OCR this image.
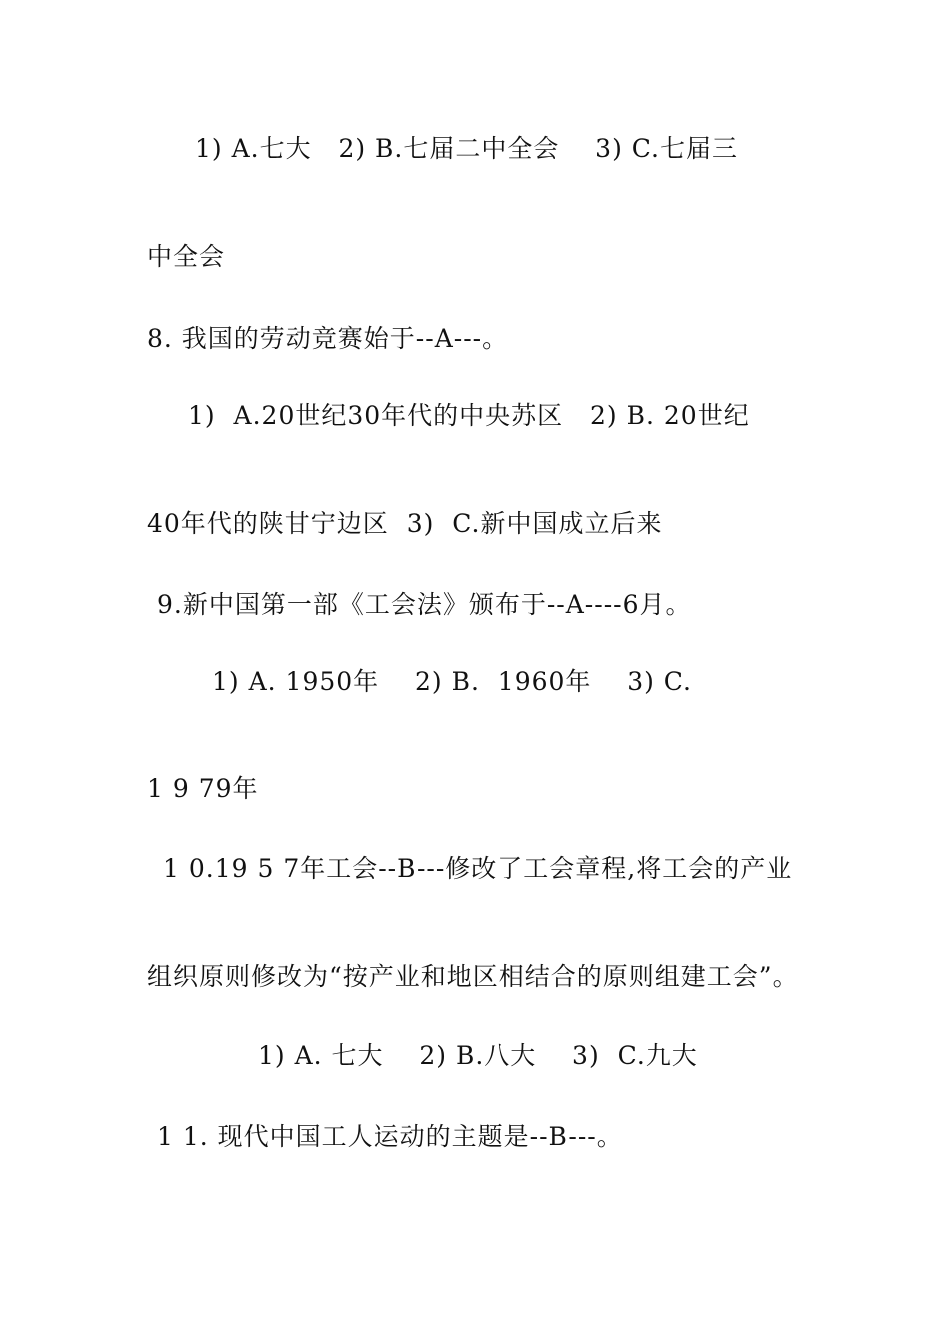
1) A.七大   2) B.七届二中全会    3) C.七届三
中全会
8. 我国的劳动竞赛始于--A---。
1)  A.20世纪30年代的中央苏区   2) B. 20世纪
40年代的陕甘宁边区  3)  C.新中国成立后来
9.新中国第一部《工会法》颁布于--A----6月。
1) A. 1950年    2) B.  1960年    3) C.
1 9 79年
1 0.19 5 7年工会--B---修改了工会章程,将工会的产业
组织原则修改为“按产业和地区相结合的原则组建工会”。
1) A. 七大    2) B.八大    3)  C.九大
1 1. 现代中国工人运动的主题是--B---。
